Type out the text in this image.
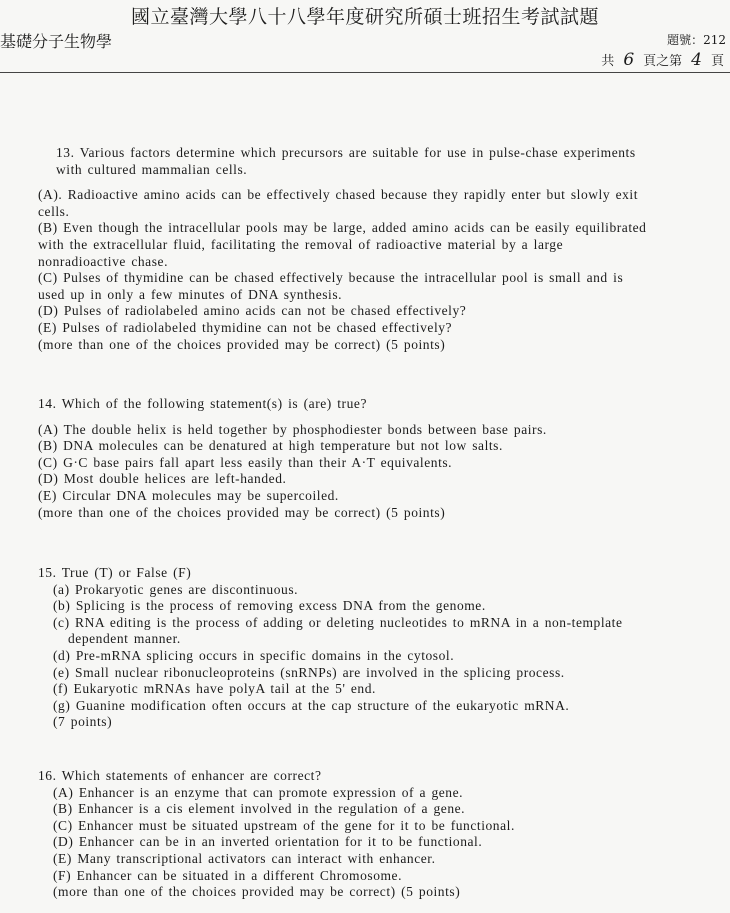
國立臺灣大學八十八學年度研究所碩士班招生考試試題
基礎分子生物學	題號：212
共 6 頁之第 4 頁

13. Various factors determine which precursors are suitable for use in pulse-chase experiments with cultured mammalian cells.

(A). Radioactive amino acids can be effectively chased because they rapidly enter but slowly exit cells.

(B) Even though the intracellular pools may be large, added amino acids can be easily equilibrated with the extracellular fluid, facilitating the removal of radioactive material by a large nonradioactive chase.

(C) Pulses of thymidine can be chased effectively because the intracellular pool is small and is used up in only a few minutes of DNA synthesis.

(D) Pulses of radiolabeled amino acids can not be chased effectively?

(E) Pulses of radiolabeled thymidine can not be chased effectively?

(more than one of the choices provided may be correct) (5 points)

14. Which of the following statement(s) is (are) true?

(A) The double helix is held together by phosphodiester bonds between base pairs.

(B) DNA molecules can be denatured at high temperature but not low salts.

(C) G·C base pairs fall apart less easily than their A·T equivalents.

(D) Most double helices are left-handed.

(E) Circular DNA molecules may be supercoiled.

(more than one of the choices provided may be correct) (5 points)

15. True (T) or False (F)

(a) Prokaryotic genes are discontinuous.

(b) Splicing is the process of removing excess DNA from the genome.

(c) RNA editing is the process of adding or deleting nucleotides to mRNA in a non-template dependent manner.

(d) Pre-mRNA splicing occurs in specific domains in the cytosol.

(e) Small nuclear ribonucleoproteins (snRNPs) are involved in the splicing process.

(f) Eukaryotic mRNAs have polyA tail at the 5' end.

(g) Guanine modification often occurs at the cap structure of the eukaryotic mRNA.

(7 points)

16. Which statements of enhancer are correct?

(A) Enhancer is an enzyme that can promote expression of a gene.

(B) Enhancer is a cis element involved in the regulation of a gene.

(C) Enhancer must be situated upstream of the gene for it to be functional.

(D) Enhancer can be in an inverted orientation for it to be functional.

(E) Many transcriptional activators can interact with enhancer.

(F) Enhancer can be situated in a different Chromosome.

(more than one of the choices provided may be correct) (5 points)
